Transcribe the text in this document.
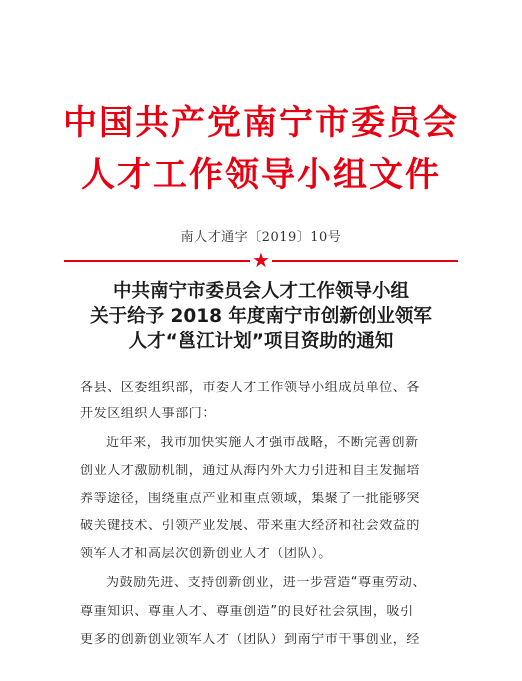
中国共产党南宁市委员会
人才工作领导小组文件
南人才通字〔2019〕10号
★
中共南宁市委员会人才工作领导小组
关于给予 2018 年度南宁市创新创业领军
人才“邕江计划”项目资助的通知
各县、区委组织部，市委人才工作领导小组成员单位、各
开发区组织人事部门：
近年来，我市加快实施人才强市战略，不断完善创新
创业人才激励机制，通过从海内外大力引进和自主发掘培
养等途径，围绕重点产业和重点领域，集聚了一批能够突
破关键技术、引领产业发展、带来重大经济和社会效益的
领军人才和高层次创新创业人才（团队）。
为鼓励先进、支持创新创业，进一步营造“尊重劳动、
尊重知识、尊重人才、尊重创造”的良好社会氛围，吸引
更多的创新创业领军人才（团队）到南宁市干事创业，经
